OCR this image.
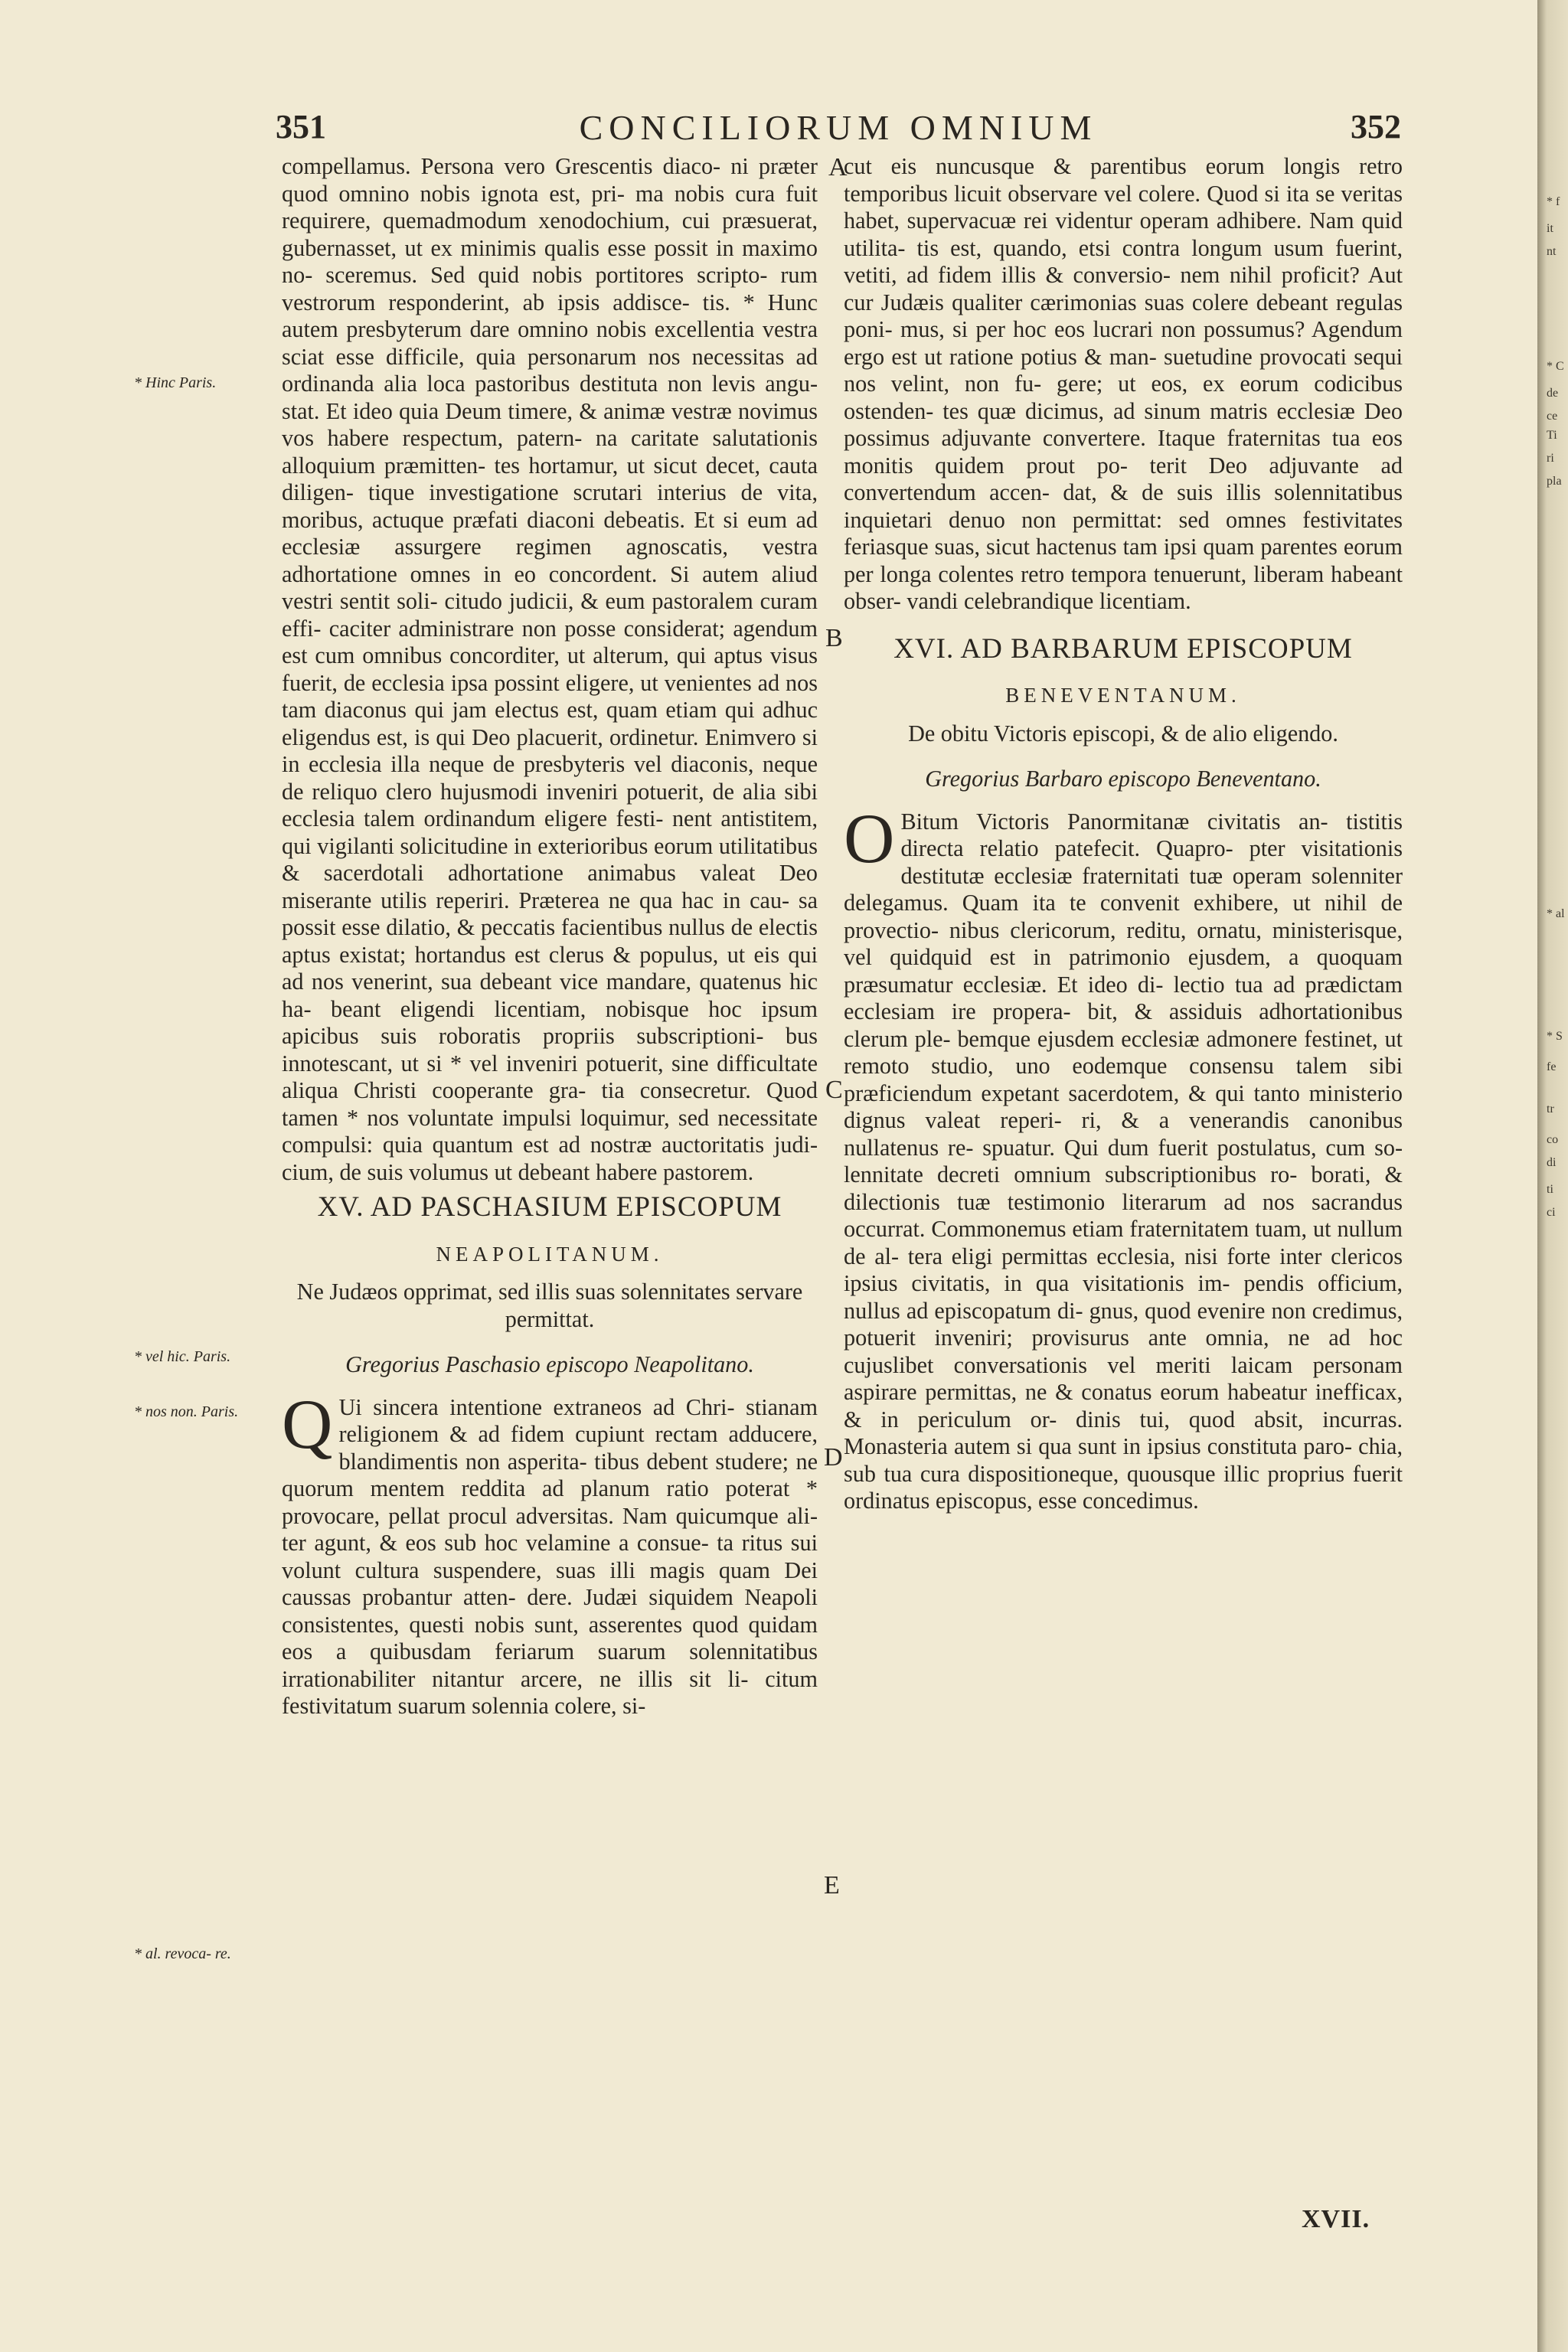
351	CONCILIORUM OMNIUM	352

compellamus. Persona vero Grescentis diaco- ni præter quod omnino nobis ignota est, pri- ma nobis cura fuit requirere, quemadmodum xenodochium, cui præsuerat, gubernasset, ut ex minimis qualis esse possit in maximo no- sceremus. Sed quid nobis portitores scripto- rum vestrorum responderint, ab ipsis addisce- tis. * Hunc autem presbyterum dare omnino nobis excellentia vestra sciat esse difficile, quia personarum nos necessitas ad ordinanda alia loca pastoribus destituta non levis angu- stat. Et ideo quia Deum timere, & animæ vestræ novimus vos habere respectum, patern- na caritate salutationis alloquium præmitten- tes hortamur, ut sicut decet, cauta diligen- tique investigatione scrutari interius de vita, moribus, actuque præfati diaconi debeatis. Et si eum ad ecclesiæ assurgere regimen agnoscatis, vestra adhortatione omnes in eo concordent. Si autem aliud vestri sentit soli- citudo judicii, & eum pastoralem curam effi- caciter administrare non posse considerat; agendum est cum omnibus concorditer, ut alterum, qui aptus visus fuerit, de ecclesia ipsa possint eligere, ut venientes ad nos tam diaconus qui jam electus est, quam etiam qui adhuc eligendus est, is qui Deo placuerit, ordinetur. Enimvero si in ecclesia illa neque de presbyteris vel diaconis, neque de reliquo clero hujusmodi inveniri potuerit, de alia sibi ecclesia talem ordinandum eligere festi- nent antistitem, qui vigilanti solicitudine in exterioribus eorum utilitatibus & sacerdotali adhortatione animabus valeat Deo miserante utilis reperiri. Præterea ne qua hac in cau- sa possit esse dilatio, & peccatis facientibus nullus de electis aptus existat; hortandus est clerus & populus, ut eis qui ad nos venerint, sua debeant vice mandare, quatenus hic ha- beant eligendi licentiam, nobisque hoc ipsum apicibus suis roboratis propriis subscriptioni- bus innotescant, ut si * vel inveniri potuerit, sine difficultate aliqua Christi cooperante gra- tia consecretur. Quod tamen * nos voluntate impulsi loquimur, sed necessitate compulsi: quia quantum est ad nostræ auctoritatis judi- cium, de suis volumus ut debeant habere pastorem.

XV. AD PASCHASIUM EPISCOPUM
NEAPOLITANUM.
Ne Judæos opprimat, sed illis suas solennitates servare permittat.
Gregorius Paschasio episcopo Neapolitano.

Q Ui sincera intentione extraneos ad Chri- stianam religionem & ad fidem cupiunt rectam adducere, blandimentis non asperita- tibus debent studere; ne quorum mentem reddita ad planum ratio poterat * provocare, pellat procul adversitas. Nam quicumque ali- ter agunt, & eos sub hoc velamine a consue- ta ritus sui volunt cultura suspendere, suas illi magis quam Dei caussas probantur atten- dere. Judæi siquidem Neapoli consistentes, questi nobis sunt, asserentes quod quidam eos a quibusdam feriarum suarum solennitatibus irrationabiliter nitantur arcere, ne illis sit li- citum festivitatum suarum solennia colere, si-

cut eis nuncusque & parentibus eorum longis retro temporibus licuit observare vel colere. Quod si ita se veritas habet, supervacuæ rei videntur operam adhibere. Nam quid utilita- tis est, quando, etsi contra longum usum fuerint, vetiti, ad fidem illis & conversio- nem nihil proficit? Aut cur Judæis qualiter cærimonias suas colere debeant regulas poni- mus, si per hoc eos lucrari non possumus? Agendum ergo est ut ratione potius & man- suetudine provocati sequi nos velint, non fu- gere; ut eos, ex eorum codicibus ostenden- tes quæ dicimus, ad sinum matris ecclesiæ Deo possimus adjuvante convertere. Itaque fraternitas tua eos monitis quidem prout po- terit Deo adjuvante ad convertendum accen- dat, & de suis illis solennitatibus inquietari denuo non permittat: sed omnes festivitates feriasque suas, sicut hactenus tam ipsi quam parentes eorum per longa colentes retro tempora tenuerunt, liberam habeant obser- vandi celebrandique licentiam.

XVI. AD BARBARUM EPISCOPUM
BENEVENTANUM.
De obitu Victoris episcopi, & de alio eligendo.
Gregorius Barbaro episcopo Beneventano.

O Bitum Victoris Panormitanæ civitatis an- tistitis directa relatio patefecit. Quapro- pter visitationis destitutæ ecclesiæ fraternitati tuæ operam solenniter delegamus. Quam ita te convenit exhibere, ut nihil de provectio- nibus clericorum, reditu, ornatu, ministerisque, vel quidquid est in patrimonio ejusdem, a quoquam præsumatur ecclesiæ. Et ideo di- lectio tua ad prædictam ecclesiam ire propera- bit, & assiduis adhortationibus clerum ple- bemque ejusdem ecclesiæ admonere festinet, ut remoto studio, uno eodemque consensu talem sibi præficiendum expetant sacerdotem, & qui tanto ministerio dignus valeat reperi- ri, & a venerandis canonibus nullatenus re- spuatur. Qui dum fuerit postulatus, cum so- lennitate decreti omnium subscriptionibus ro- borati, & dilectionis tuæ testimonio literarum ad nos sacrandus occurrat. Commonemus etiam fraternitatem tuam, ut nullum de al- tera eligi permittas ecclesia, nisi forte inter clericos ipsius civitatis, in qua visitationis im- pendis officium, nullus ad episcopatum di- gnus, quod evenire non credimus, potuerit inveniri; provisurus ante omnia, ne ad hoc cujuslibet conversationis vel meriti laicam personam aspirare permittas, ne & conatus eorum habeatur inefficax, & in periculum or- dinis tui, quod absit, incurras. Monasteria autem si qua sunt in ipsius constituta paro- chia, sub tua cura dispositioneque, quousque illic proprius fuerit ordinatus episcopus, esse concedimus.

A
B
C
D
E
* Hinc Paris.
* vel hic. Paris.
* nos non. Paris.
* al. revoca- re.
XVII.
* f
it
nt
* C
de
ce
Ti
ri
pla
* al
* S
fe
tr
co
di
ti
ci
